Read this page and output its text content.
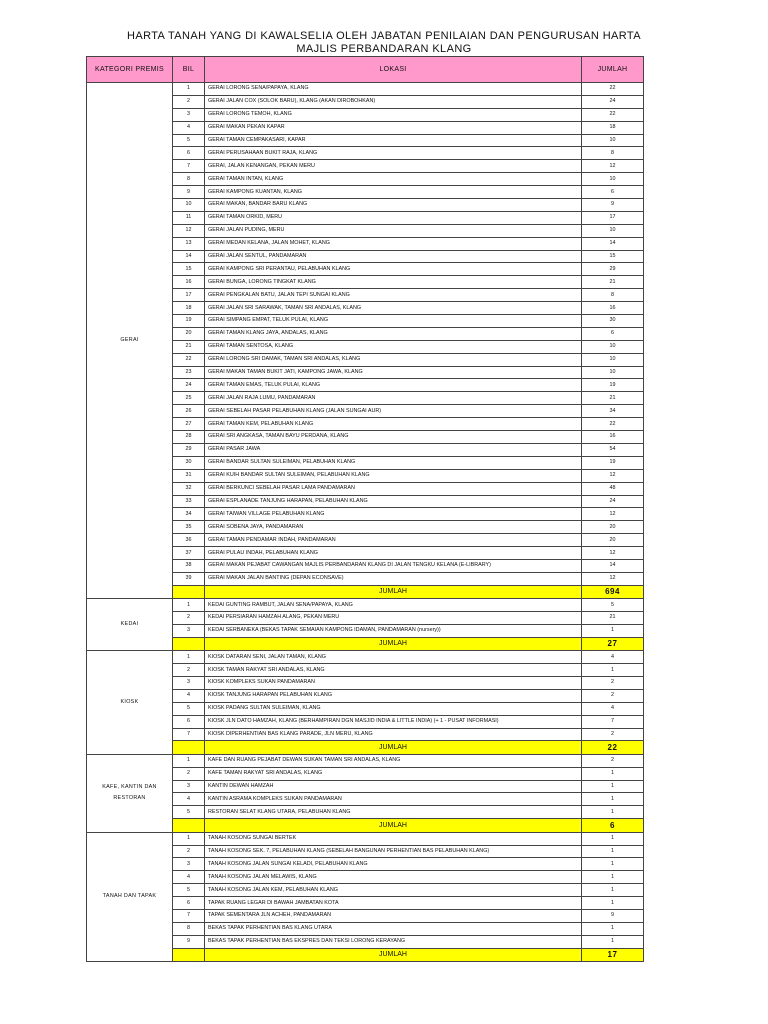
HARTA TANAH YANG DI KAWALSELIA OLEH JABATAN PENILAIAN DAN PENGURUSAN HARTA
MAJLIS PERBANDARAN KLANG
KATEGORI PREMIS	BIL	LOKASI	JUMLAH
GERAI	1	GERAI LORONG SENA/PAPAYA, KLANG	22
	2	GERAI JALAN COX (SOLOK BARU), KLANG (AKAN DIROBOHKAN)	24
	3	GERAI LORONG TEMOH, KLANG	22
	4	GERAI MAKAN PEKAN KAPAR	18
	5	GERAI TAMAN CEMPAKASARI, KAPAR	10
	6	GERAI PERUSAHAAN BUKIT RAJA, KLANG	8
	7	GERAI, JALAN KENANGAN, PEKAN MERU	12
	8	GERAI TAMAN INTAN, KLANG	10
	9	GERAI KAMPONG KUANTAN, KLANG	6
	10	GERAI MAKAN, BANDAR BARU KLANG	9
	11	GERAI TAMAN ORKID, MERU	17
	12	GERAI JALAN PUDING, MERU	10
	13	GERAI MEDAN KELANA, JALAN MOHET, KLANG	14
	14	GERAI JALAN SENTUL, PANDAMARAN	15
	15	GERAI KAMPONG SRI PERANTAU, PELABUHAN KLANG	29
	16	GERAI BUNGA, LORONG TINGKAT KLANG	21
	17	GERAI PENGKALAN BATU, JALAN TEPI SUNGAI KLANG	8
	18	GERAI JALAN SRI SARAWAK, TAMAN SRI ANDALAS, KLANG	16
	19	GERAI SIMPANG EMPAT, TELUK PULAI, KLANG	30
	20	GERAI TAMAN KLANG JAYA, ANDALAS, KLANG	6
	21	GERAI TAMAN SENTOSA, KLANG	10
	22	GERAI LORONG SRI DAMAK, TAMAN SRI ANDALAS, KLANG	10
	23	GERAI MAKAN TAMAN BUKIT JATI, KAMPONG JAWA, KLANG	10
	24	GERAI TAMAN EMAS, TELUK PULAI, KLANG	19
	25	GERAI JALAN RAJA LUMU, PANDAMARAN	21
	26	GERAI SEBELAH PASAR PELABUHAN KLANG (JALAN SUNGAI AUR)	34
	27	GERAI TAMAN KEM, PELABUHAN KLANG	22
	28	GERAI SRI ANGKASA, TAMAN BAYU PERDANA, KLANG	16
	29	GERAI PASAR JAWA	54
	30	GERAI BANDAR SULTAN SULEIMAN, PELABUHAN KLANG	19
	31	GERAI KUIH BANDAR SULTAN SULEIMAN, PELABUHAN KLANG	12
	32	GERAI BERKUNCI SEBELAH PASAR LAMA PANDAMARAN	48
	33	GERAI ESPLANADE TANJUNG HARAPAN, PELABUHAN KLANG	24
	34	GERAI TAIWAN VILLAGE PELABUHAN KLANG	12
	35	GERAI SOBENA JAYA, PANDAMARAN	20
	36	GERAI TAMAN PENDAMAR INDAH, PANDAMARAN	20
	37	GERAI PULAU INDAH, PELABUHAN KLANG	12
	38	GERAI MAKAN PEJABAT CAWANGAN MAJLIS PERBANDARAN KLANG DI JALAN TENGKU KELANA (E-LIBRARY)	14
	39	GERAI MAKAN JALAN BANTING (DEPAN ECONSAVE)	12
		JUMLAH	694
KEDAI	1	KEDAI GUNTING RAMBUT, JALAN SENA/PAPAYA, KLANG	5
	2	KEDAI PERSIARAN HAMZAH ALANG, PEKAN MERU	21
	3	KEDAI SERBANEKA (BEKAS TAPAK SEMAIAN KAMPONG IDAMAN, PANDAMARAN (nursery))	1
		JUMLAH	27
KIOSK	1	KIOSK DATARAN SENI, JALAN TAMAN, KLANG	4
	2	KIOSK TAMAN RAKYAT SRI ANDALAS, KLANG	1
	3	KIOSK KOMPLEKS SUKAN PANDAMARAN	2
	4	KIOSK TANJUNG HARAPAN PELABUHAN KLANG	2
	5	KIOSK PADANG SULTAN SULEIMAN, KLANG	4
	6	KIOSK JLN DATO HAMZAH, KLANG (BERHAMPIRAN DGN MASJID INDIA & LITTLE INDIA) (+ 1 - PUSAT INFORMASI)	7
	7	KIOSK DIPERHENTIAN BAS KLANG PARADE, JLN MERU, KLANG	2
		JUMLAH	22
KAFE, KANTIN DAN RESTORAN	1	KAFE DAN RUANG PEJABAT DEWAN SUKAN TAMAN SRI ANDALAS, KLANG	2
	2	KAFE TAMAN RAKYAT SRI ANDALAS, KLANG	1
	3	KANTIN DEWAN HAMZAH	1
	4	KANTIN ASRAMA KOMPLEKS SUKAN PANDAMARAN	1
	5	RESTORAN SELAT KLANG UTARA, PELABUHAN KLANG	1
		JUMLAH	6
TANAH DAN TAPAK	1	TANAH KOSONG SUNGAI BERTEK	1
	2	TANAH KOSONG SEK. 7, PELABUHAN KLANG (SEBELAH BANGUNAN PERHENTIAN BAS PELABUHAN KLANG)	1
	3	TANAH KOSONG JALAN SUNGAI KELADI, PELABUHAN KLANG	1
	4	TANAH KOSONG JALAN MELAWIS, KLANG	1
	5	TANAH KOSONG JALAN KEM, PELABUHAN KLANG	1
	6	TAPAK RUANG LEGAR DI BAWAH JAMBATAN KOTA	1
	7	TAPAK SEMENTARA JLN ACHEH, PANDAMARAN	9
	8	BEKAS TAPAK PERHENTIAN BAS KLANG UTARA	1
	9	BEKAS TAPAK PERHENTIAN BAS EKSPRES DAN TEKSI LORONG KERAYANG	1
		JUMLAH	17
